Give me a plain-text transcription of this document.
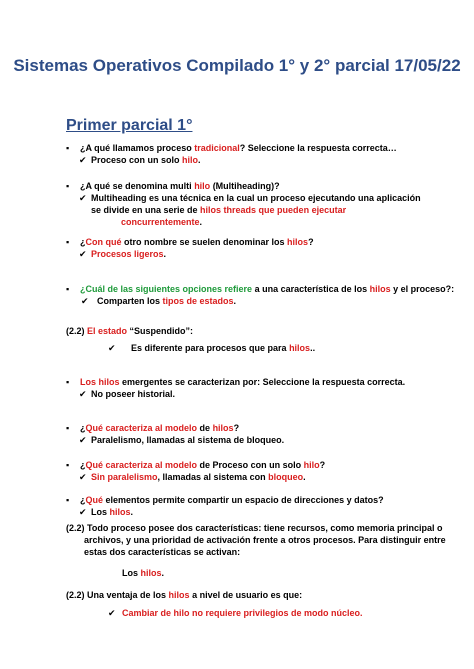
Sistemas Operativos Compilado 1° y 2° parcial 17/05/22
Primer parcial 1°
▪ ¿A qué llamamos proceso tradicional? Seleccione la respuesta correcta…
✔ Proceso con un solo hilo.
▪ ¿A qué se denomina multi hilo (Multiheading)?
✔ Multiheading es una técnica en la cual un proceso ejecutando una aplicación
se divide en una serie de hilos threads que pueden ejecutar
concurrentemente.
▪ ¿Con qué otro nombre se suelen denominar los hilos?
✔ Procesos ligeros.
▪ ¿Cuál de las siguientes opciones refiere a una característica de los hilos y el proceso?:
✔ Comparten los tipos de estados.
(2.2) El estado “Suspendido”:
✔ Es diferente para procesos que para hilos..
▪ Los hilos emergentes se caracterizan por: Seleccione la respuesta correcta.
✔ No poseer historial.
▪ ¿Qué caracteriza al modelo de hilos?
✔ Paralelismo, llamadas al sistema de bloqueo.
▪ ¿Qué caracteriza al modelo de Proceso con un solo hilo?
✔ Sin paralelismo, llamadas al sistema con bloqueo.
▪ ¿Qué elementos permite compartir un espacio de direcciones y datos?
✔ Los hilos.
(2.2) Todo proceso posee dos características: tiene recursos, como memoria principal o
archivos, y una prioridad de activación frente a otros procesos. Para distinguir entre
estas dos características se activan:
Los hilos.
(2.2) Una ventaja de los hilos a nivel de usuario es que:
✔ Cambiar de hilo no requiere privilegios de modo núcleo.
